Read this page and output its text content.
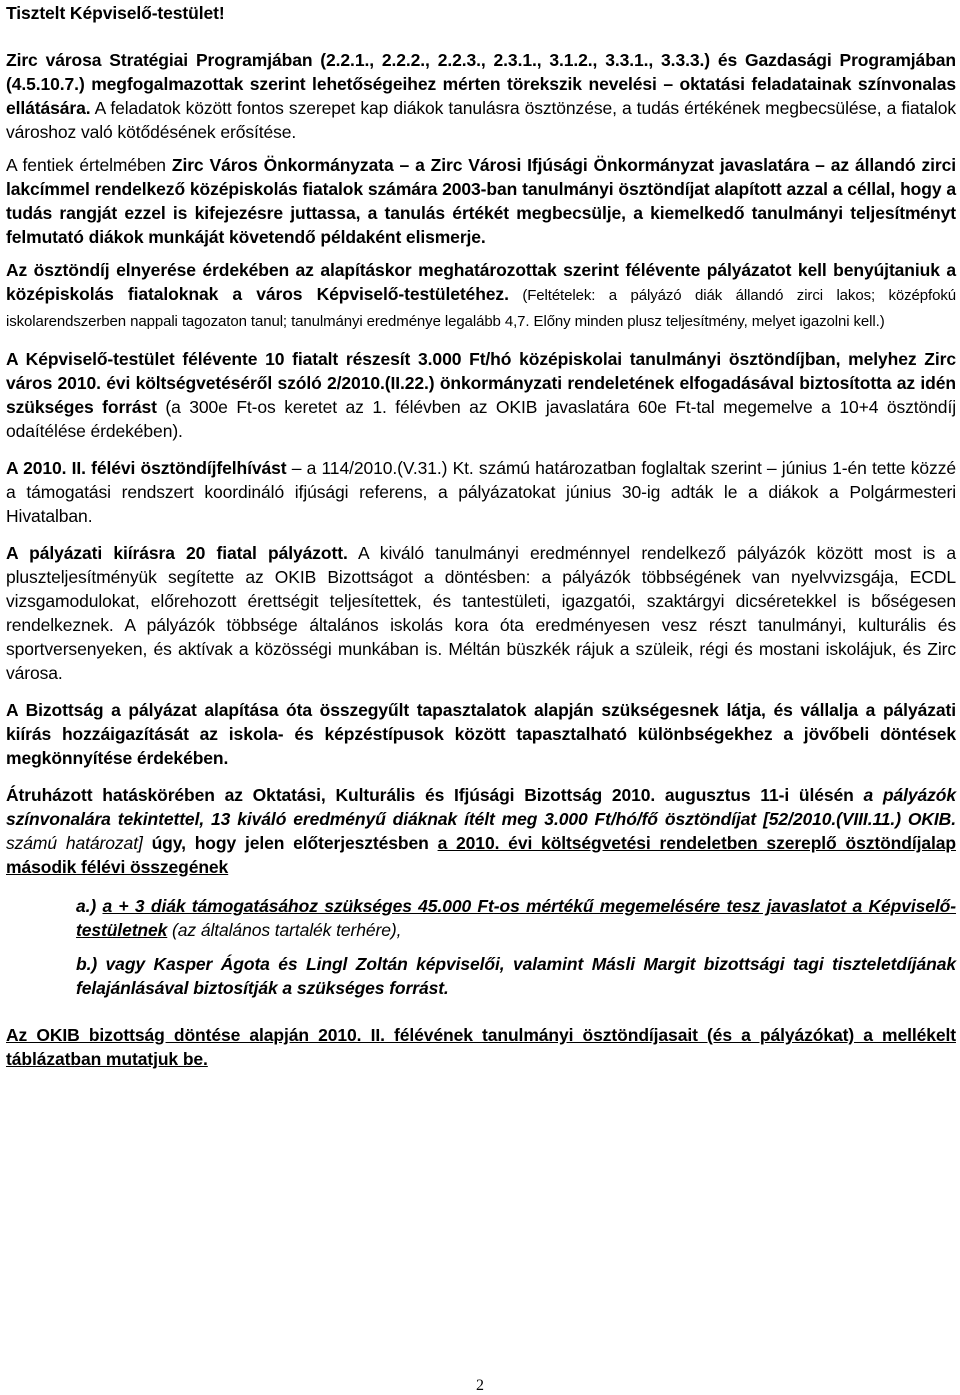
Tisztelt Képviselő-testület!

Zirc városa Stratégiai Programjában (2.2.1., 2.2.2., 2.2.3., 2.3.1., 3.1.2., 3.3.1., 3.3.3.) és Gazdasági Programjában (4.5.10.7.) megfogalmazottak szerint lehetőségeihez mérten törekszik nevelési – oktatási feladatainak színvonalas ellátására. A feladatok között fontos szerepet kap diákok tanulásra ösztönzése, a tudás értékének megbecsülése, a fiatalok városhoz való kötődésének erősítése.

A fentiek értelmében Zirc Város Önkormányzata – a Zirc Városi Ifjúsági Önkormányzat javaslatára – az állandó zirci lakcímmel rendelkező középiskolás fiatalok számára 2003-ban tanulmányi ösztöndíjat alapított azzal a céllal, hogy a tudás rangját ezzel is kifejezésre juttassa, a tanulás értékét megbecsülje, a kiemelkedő tanulmányi teljesítményt felmutató diákok munkáját követendő példaként elismerje.

Az ösztöndíj elnyerése érdekében az alapításkor meghatározottak szerint félévente pályázatot kell benyújtaniuk a középiskolás fiataloknak a város Képviselő-testületéhez. (Feltételek: a pályázó diák állandó zirci lakos; középfokú iskolarendszerben nappali tagozaton tanul; tanulmányi eredménye legalább 4,7. Előny minden plusz teljesítmény, melyet igazolni kell.)

A Képviselő-testület félévente 10 fiatalt részesít 3.000 Ft/hó középiskolai tanulmányi ösztöndíjban, melyhez Zirc város 2010. évi költségvetéséről szóló 2/2010.(II.22.) önkormányzati rendeletének elfogadásával biztosította az idén szükséges forrást (a 300e Ft-os keretet az 1. félévben az OKIB javaslatára 60e Ft-tal megemelve a 10+4 ösztöndíj odaítélése érdekében).

A 2010. II. félévi ösztöndíjfelhívást – a 114/2010.(V.31.) Kt. számú határozatban foglaltak szerint – június 1-én tette közzé a támogatási rendszert koordináló ifjúsági referens, a pályázatokat június 30-ig adták le a diákok a Polgármesteri Hivatalban.

A pályázati kiírásra 20 fiatal pályázott. A kiváló tanulmányi eredménnyel rendelkező pályázók között most is a pluszteljesítményük segítette az OKIB Bizottságot a döntésben: a pályázók többségének van nyelvvizsgája, ECDL vizsgamodulokat, előrehozott érettségit teljesítettek, és tantestületi, igazgatói, szaktárgyi dicséretekkel is bőségesen rendelkeznek. A pályázók többsége általános iskolás kora óta eredményesen vesz részt tanulmányi, kulturális és sportversenyeken, és aktívak a közösségi munkában is. Méltán büszkék rájuk a szüleik, régi és mostani iskolájuk, és Zirc városa.

A Bizottság a pályázat alapítása óta összegyűlt tapasztalatok alapján szükségesnek látja, és vállalja a pályázati kiírás hozzáigazítását az iskola- és képzéstípusok között tapasztalható különbségekhez a jövőbeli döntések megkönnyítése érdekében.

Átruházott hatáskörében az Oktatási, Kulturális és Ifjúsági Bizottság 2010. augusztus 11-i ülésén a pályázók színvonalára tekintettel, 13 kiváló eredményű diáknak ítélt meg 3.000 Ft/hó/fő ösztöndíjat [52/2010.(VIII.11.) OKIB. számú határozat] úgy, hogy jelen előterjesztésben a 2010. évi költségvetési rendeletben szereplő ösztöndíjalap második félévi összegének

a.) a + 3 diák támogatásához szükséges 45.000 Ft-os mértékű megemelésére tesz javaslatot a Képviselő-testületnek (az általános tartalék terhére),
b.) vagy Kasper Ágota és Lingl Zoltán képviselői, valamint Másli Margit bizottsági tagi tiszteletdíjának felajánlásával biztosítják a szükséges forrást.

Az OKIB bizottság döntése alapján 2010. II. félévének tanulmányi ösztöndíjasait (és a pályázókat) a mellékelt táblázatban mutatjuk be.

2
